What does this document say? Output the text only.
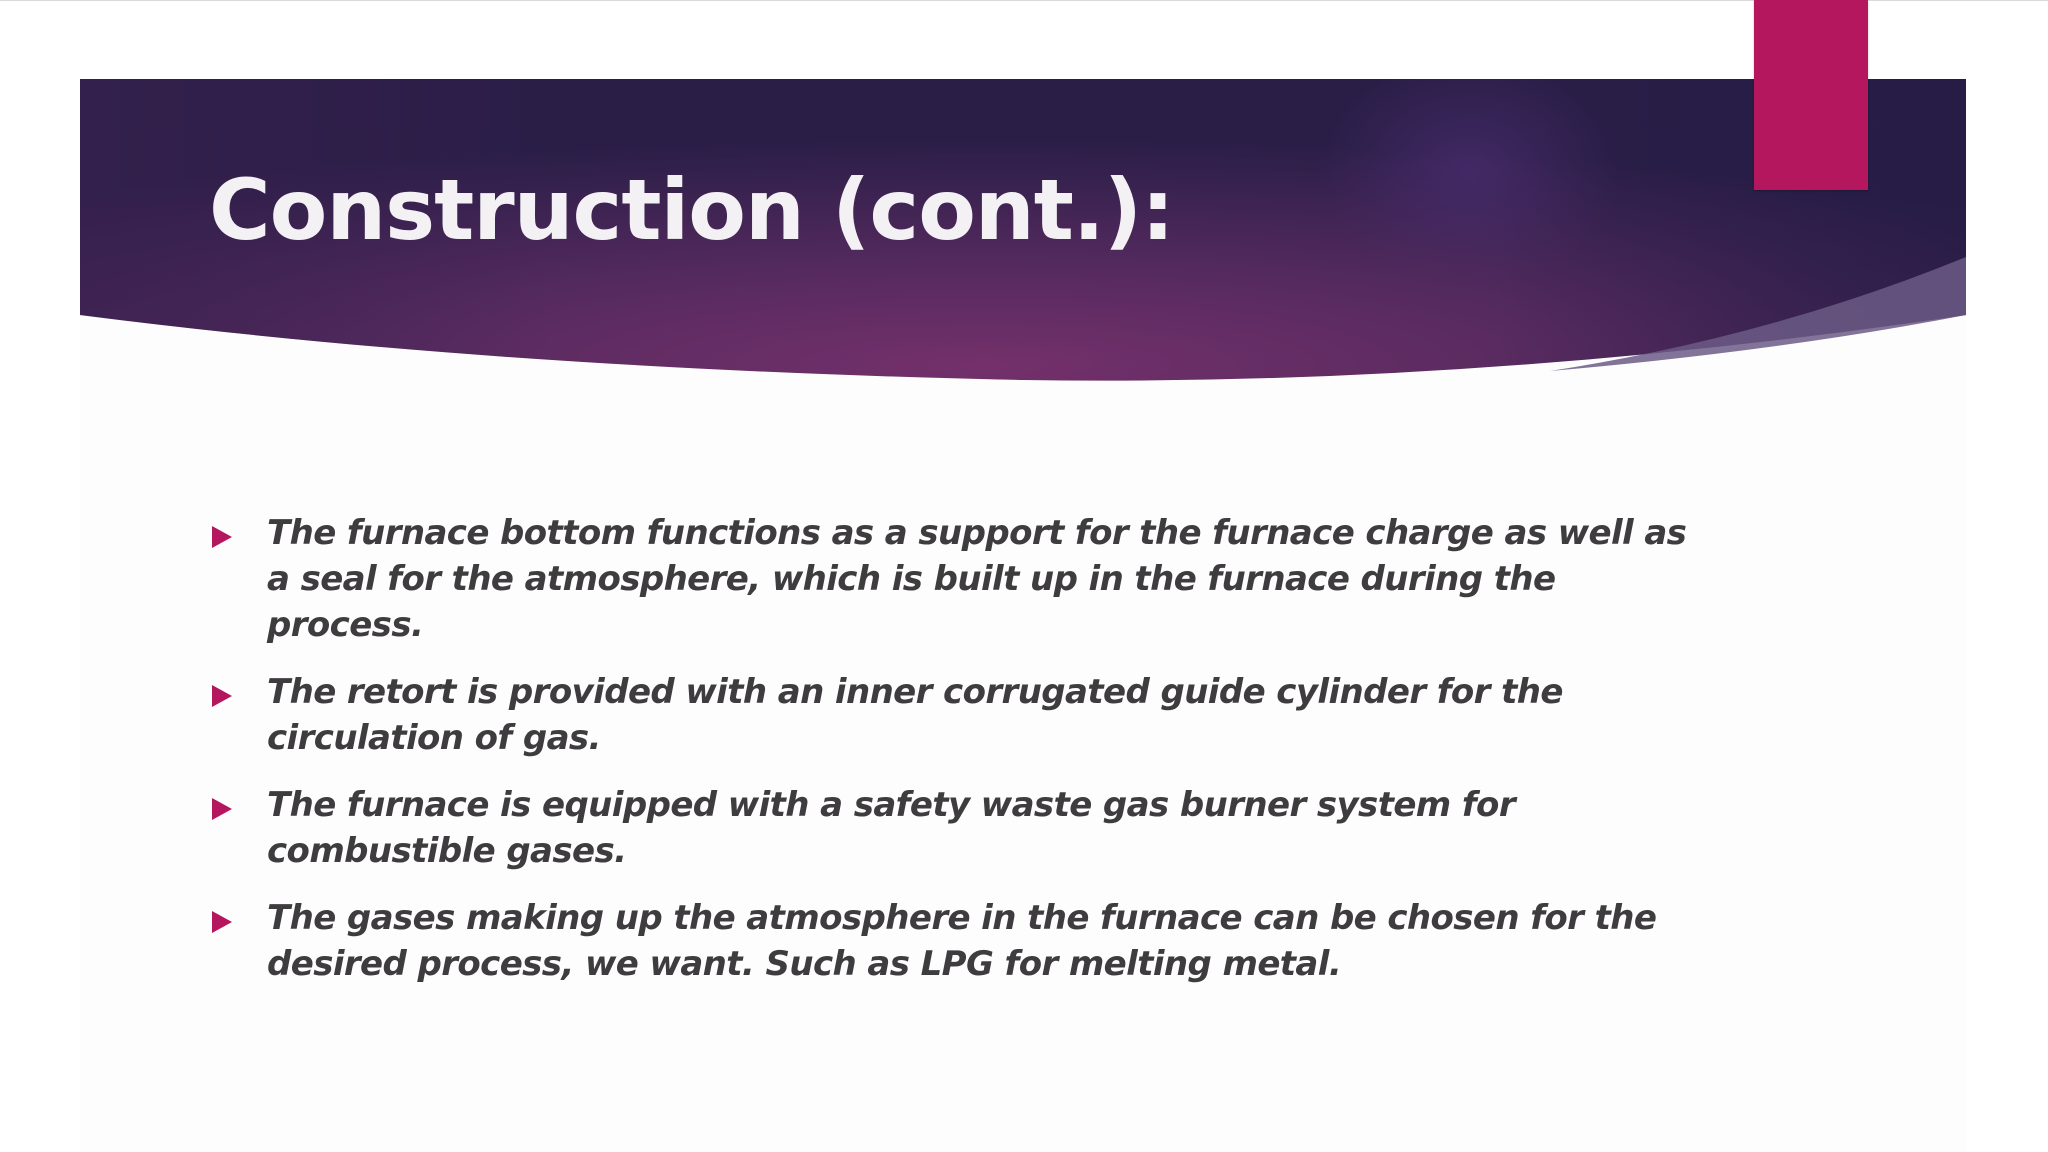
Construction (cont.):
The furnace bottom functions as a support for the furnace charge as well as
a seal for the atmosphere, which is built up in the furnace during the
process.
The retort is provided with an inner corrugated guide cylinder for the
circulation of gas.
The furnace is equipped with a safety waste gas burner system for
combustible gases.
The gases making up the atmosphere in the furnace can be chosen for the
desired process, we want. Such as LPG for melting metal.
